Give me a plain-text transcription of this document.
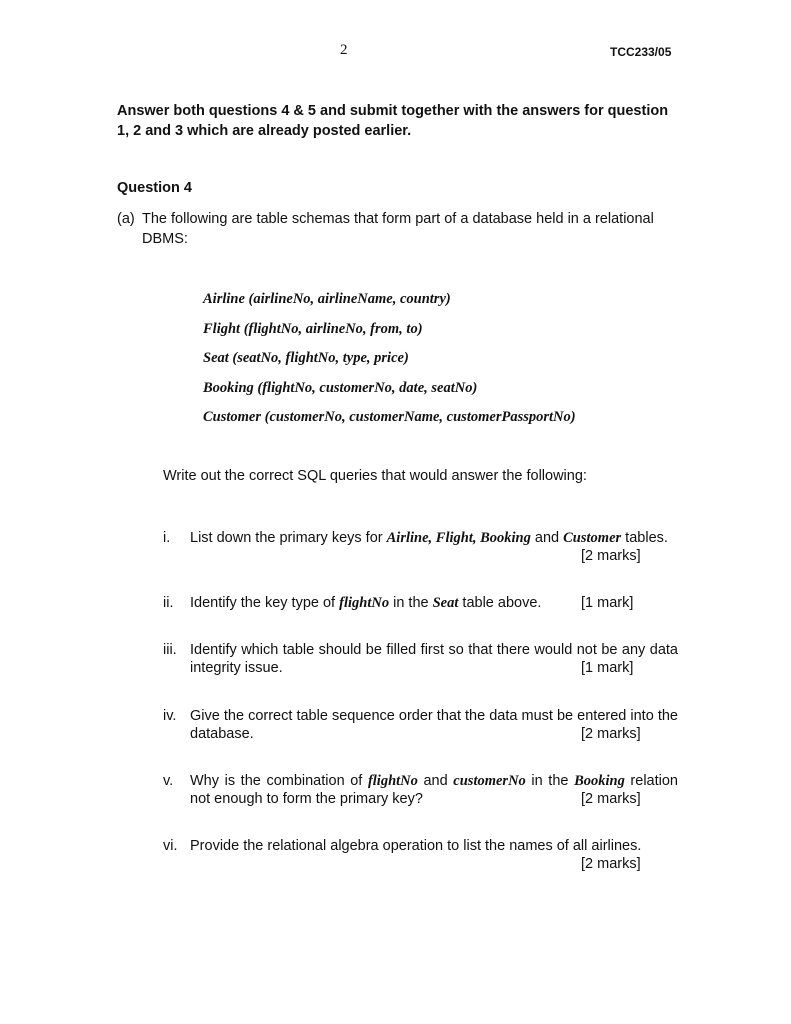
2	TCC233/05
Answer both questions 4 & 5 and submit together with the answers for question 1, 2 and 3 which are already posted earlier.
Question 4
(a) The following are table schemas that form part of a database held in a relational DBMS:
Airline (airlineNo, airlineName, country)
Flight (flightNo, airlineNo, from, to)
Seat (seatNo, flightNo, type, price)
Booking (flightNo, customerNo, date, seatNo)
Customer (customerNo, customerName, customerPassportNo)
Write out the correct SQL queries that would answer the following:
i.	List down the primary keys for Airline, Flight, Booking and Customer tables.
[2 marks]
ii.	Identify the key type of flightNo in the Seat table above.	[1 mark]
iii. Identify which table should be filled first so that there would not be any data integrity issue.	[1 mark]
iv. Give the correct table sequence order that the data must be entered into the database.	[2 marks]
v.	Why is the combination of flightNo and customerNo in the Booking relation not enough to form the primary key?	[2 marks]
vi. Provide the relational algebra operation to list the names of all airlines.
[2 marks]
